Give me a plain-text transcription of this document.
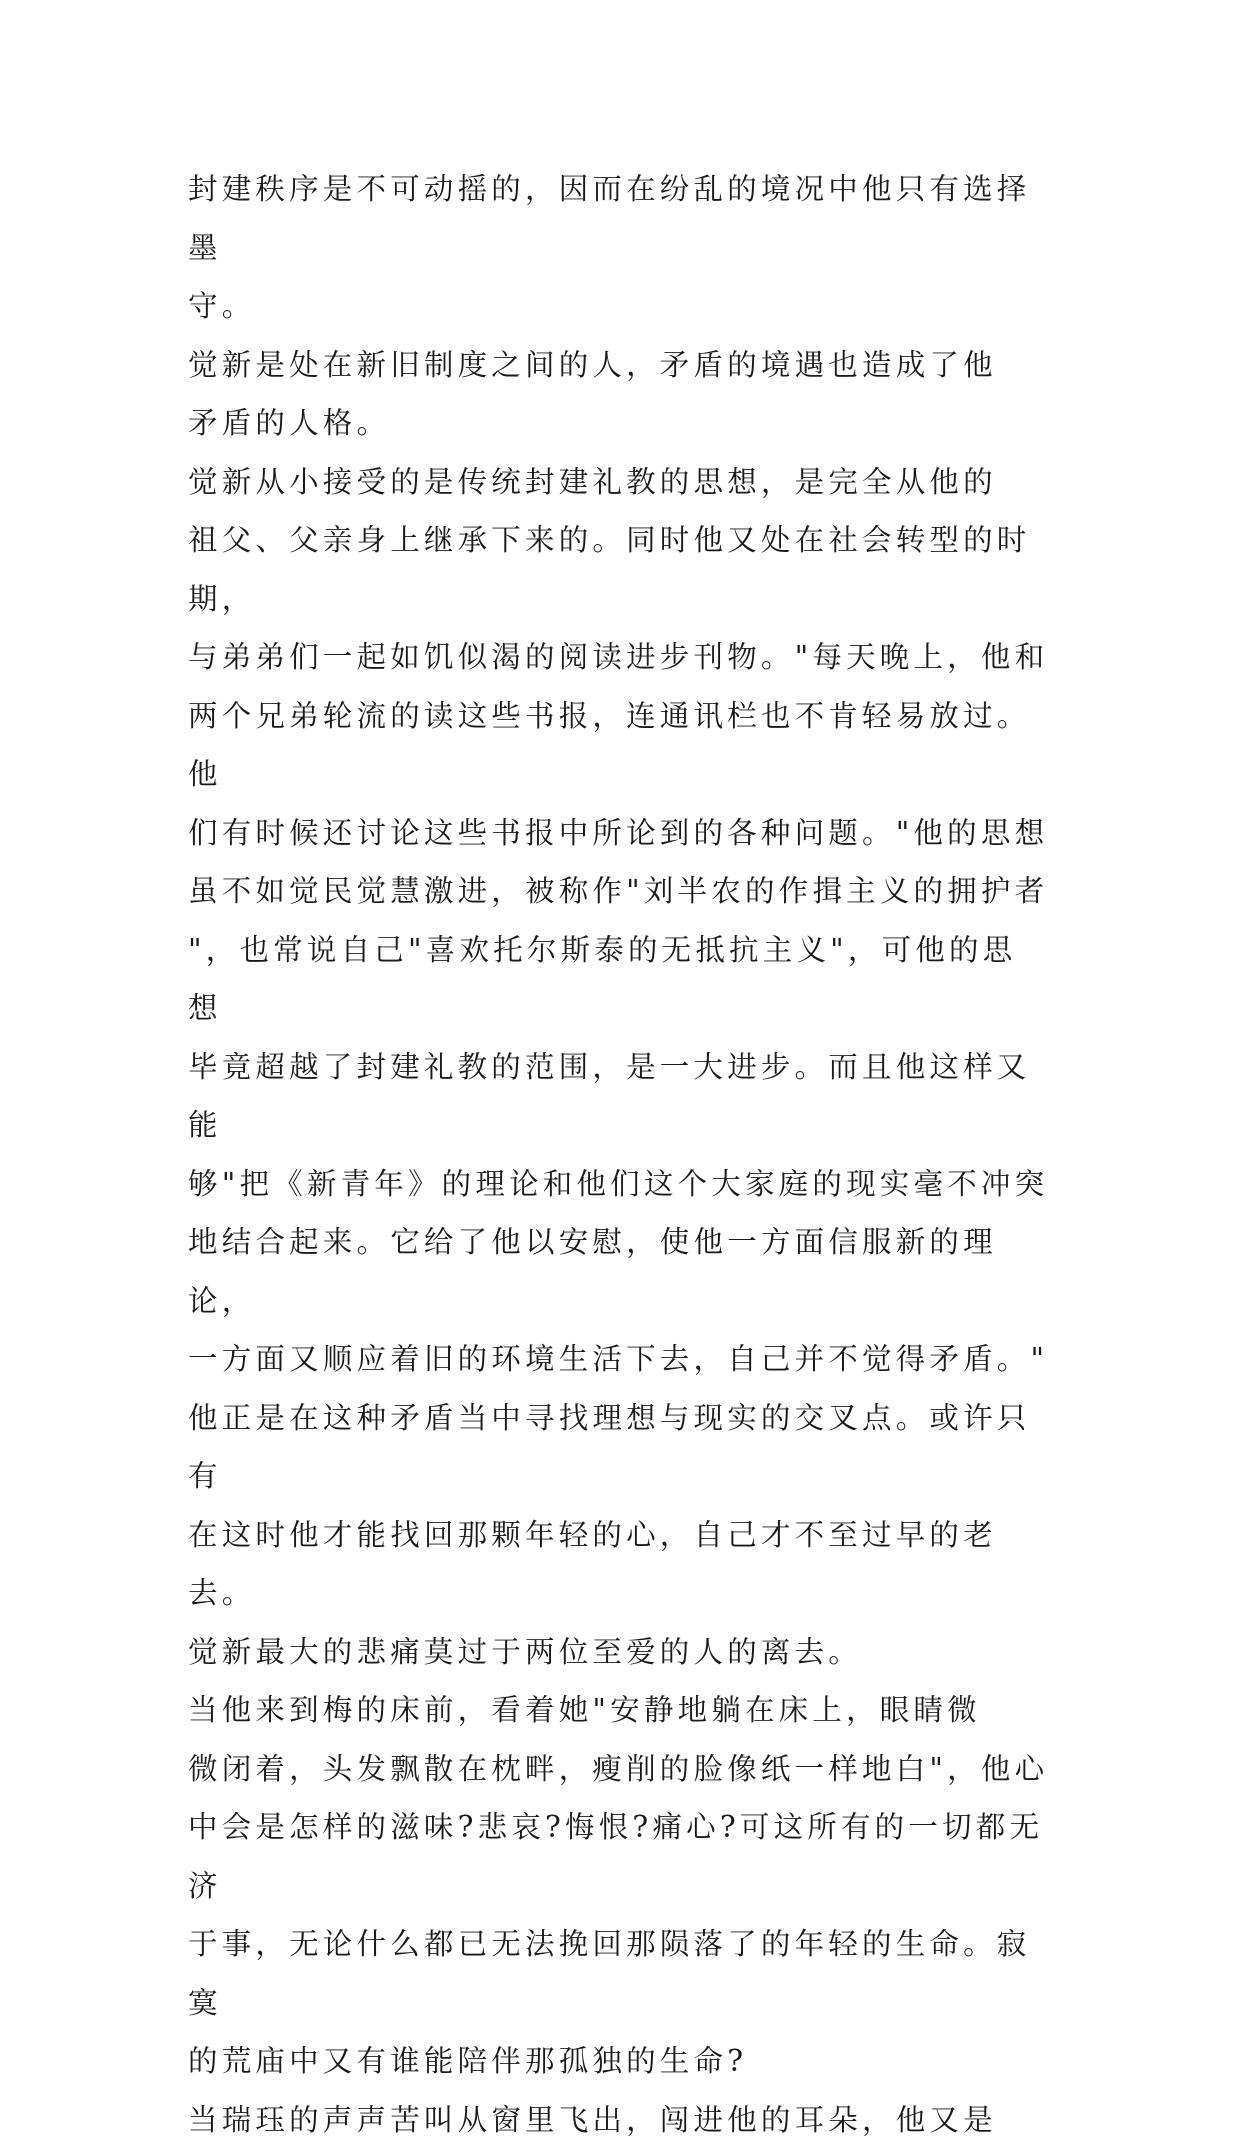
封建秩序是不可动摇的，因而在纷乱的境况中他只有选择墨
守。

觉新是处在新旧制度之间的人，矛盾的境遇也造成了他
矛盾的人格。

觉新从小接受的是传统封建礼教的思想，是完全从他的
祖父、父亲身上继承下来的。同时他又处在社会转型的时期，
与弟弟们一起如饥似渴的阅读进步刊物。"每天晚上，他和
两个兄弟轮流的读这些书报，连通讯栏也不肯轻易放过。他
们有时候还讨论这些书报中所论到的各种问题。"他的思想
虽不如觉民觉慧激进，被称作"刘半农的作揖主义的拥护者
"，也常说自己"喜欢托尔斯泰的无抵抗主义"，可他的思想
毕竟超越了封建礼教的范围，是一大进步。而且他这样又能
够"把《新青年》的理论和他们这个大家庭的现实毫不冲突
地结合起来。它给了他以安慰，使他一方面信服新的理论，
一方面又顺应着旧的环境生活下去，自己并不觉得矛盾。"
他正是在这种矛盾当中寻找理想与现实的交叉点。或许只有
在这时他才能找回那颗年轻的心，自己才不至过早的老去。

觉新最大的悲痛莫过于两位至爱的人的离去。

当他来到梅的床前，看着她"安静地躺在床上，眼睛微
微闭着，头发飘散在枕畔，瘦削的脸像纸一样地白"，他心
中会是怎样的滋味?悲哀?悔恨?痛心?可这所有的一切都无济
于事，无论什么都已无法挽回那陨落了的年轻的生命。寂寞
的荒庙中又有谁能陪伴那孤独的生命?

当瑞珏的声声苦叫从窗里飞出，闯进他的耳朵，他又是
